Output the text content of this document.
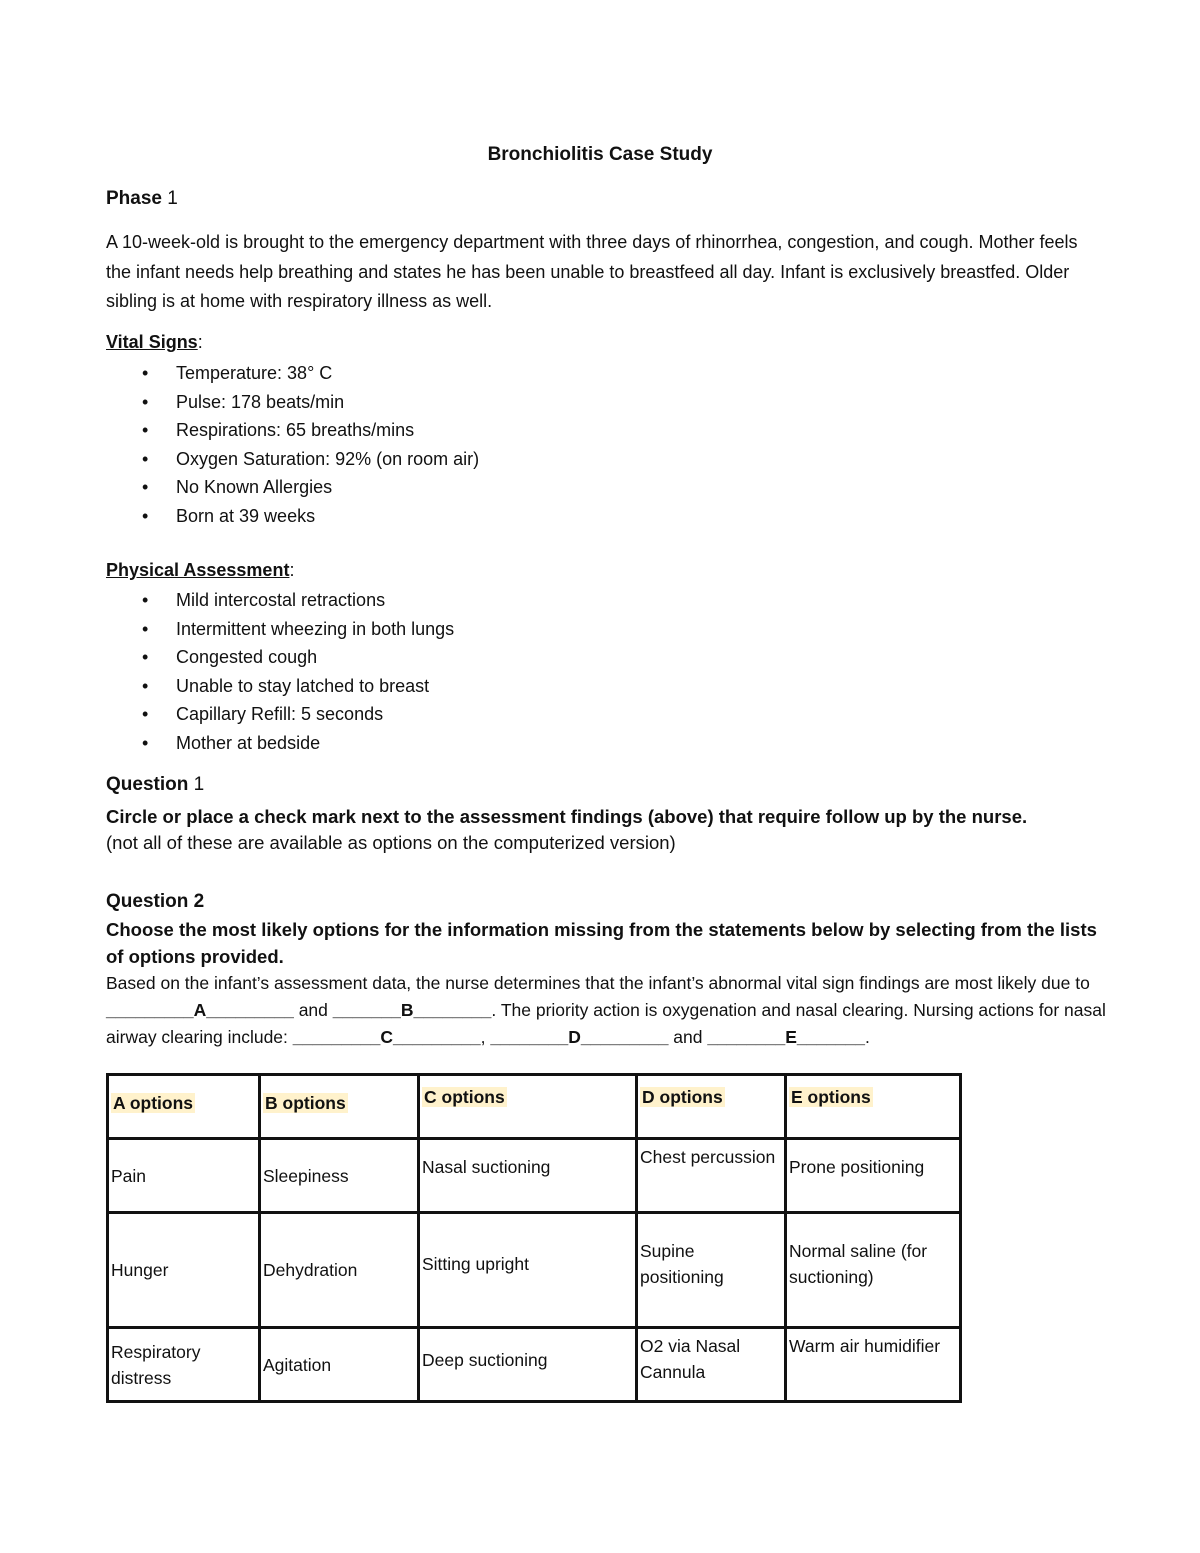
Bronchiolitis Case Study
Phase 1
A 10-week-old is brought to the emergency department with three days of rhinorrhea, congestion, and cough. Mother feels the infant needs help breathing and states he has been unable to breastfeed all day. Infant is exclusively breastfed. Older sibling is at home with respiratory illness as well.
Vital Signs:
• Temperature: 38° C
• Pulse: 178 beats/min
• Respirations: 65 breaths/mins
• Oxygen Saturation: 92% (on room air)
• No Known Allergies
• Born at 39 weeks
Physical Assessment:
• Mild intercostal retractions
• Intermittent wheezing in both lungs
• Congested cough
• Unable to stay latched to breast
• Capillary Refill: 5 seconds
• Mother at bedside
Question 1
Circle or place a check mark next to the assessment findings (above) that require follow up by the nurse.
(not all of these are available as options on the computerized version)
Question 2
Choose the most likely options for the information missing from the statements below by selecting from the lists of options provided.
Based on the infant’s assessment data, the nurse determines that the infant’s abnormal vital sign findings are most likely due to _________A_________ and _______B________. The priority action is oxygenation and nasal clearing. Nursing actions for nasal airway clearing include: _________C_________, ________D_________ and ________E_______.
A options	B options	C options	D options	E options
Pain	Sleepiness	Nasal suctioning	Chest percussion	Prone positioning
Hunger	Dehydration	Sitting upright	Supine positioning	Normal saline (for suctioning)
Respiratory distress	Agitation	Deep suctioning	O2 via Nasal Cannula	Warm air humidifier
